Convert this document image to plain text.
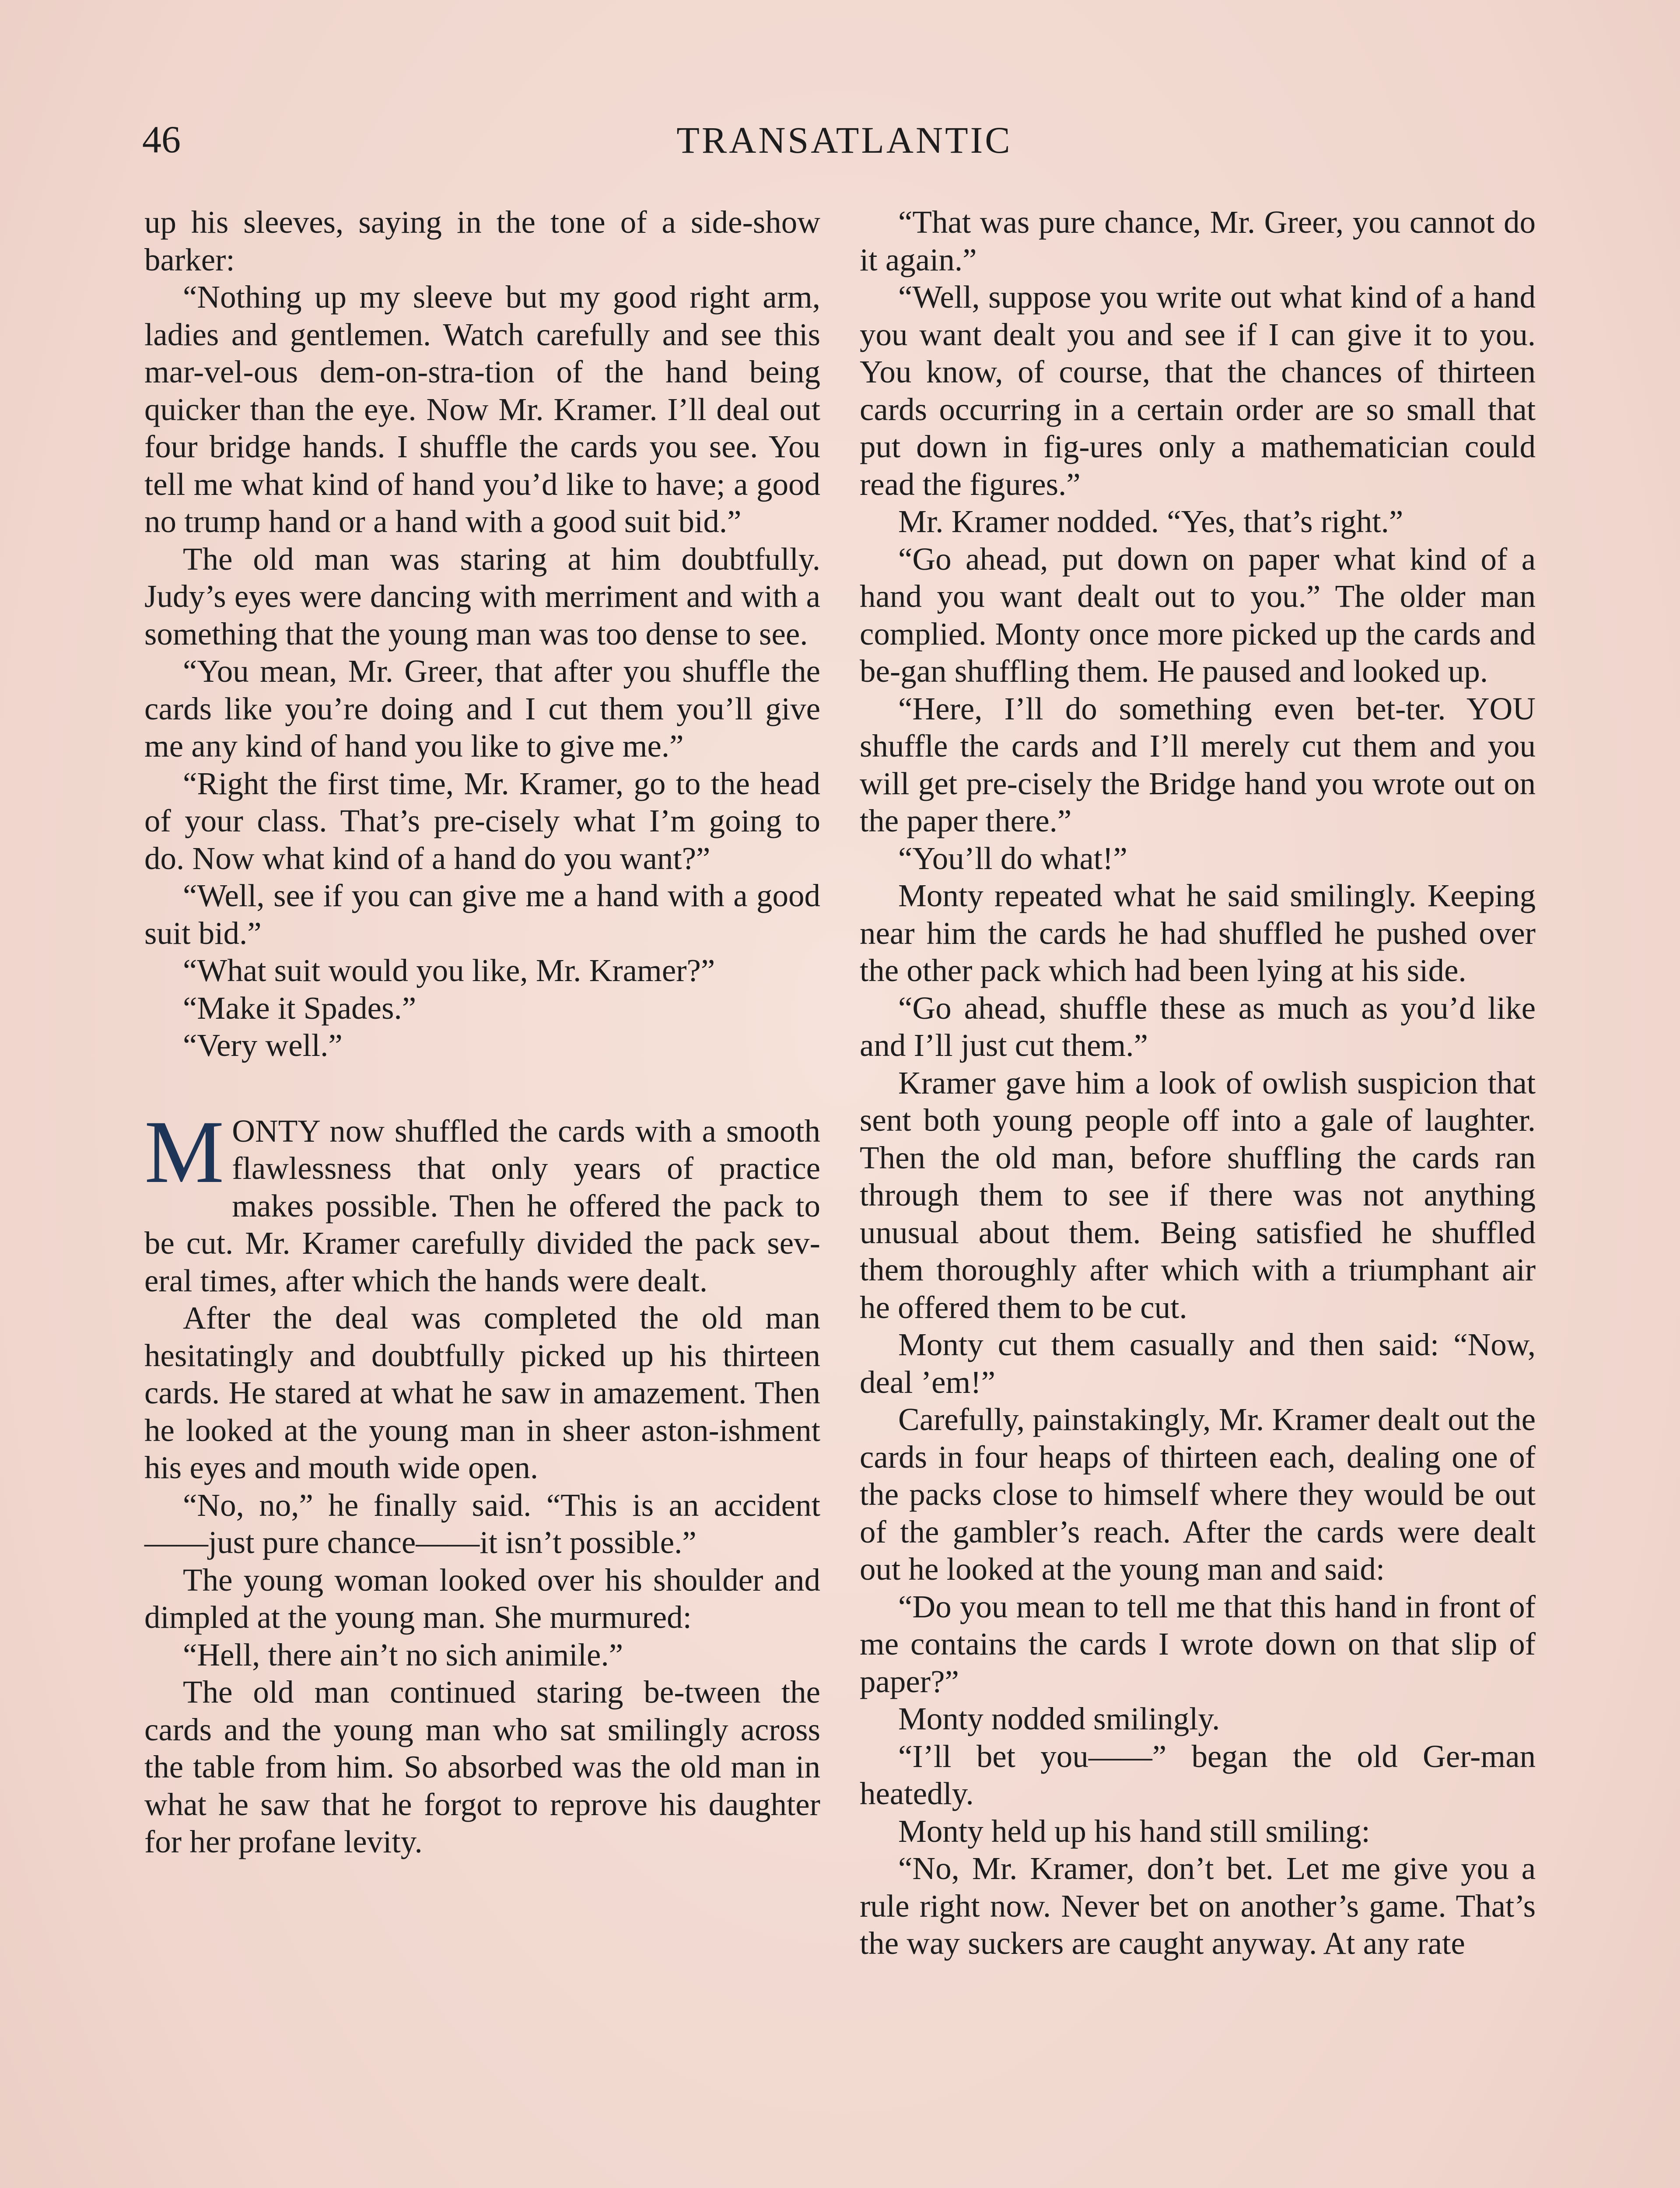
46	TRANSATLANTIC

up his sleeves, saying in the tone of a side-show barker:

“Nothing up my sleeve but my good right arm, ladies and gentlemen. Watch carefully and see this mar-vel-ous dem-on-stra-tion of the hand being quicker than the eye. Now Mr. Kramer. I’ll deal out four bridge hands. I shuffle the cards you see. You tell me what kind of hand you’d like to have; a good no trump hand or a hand with a good suit bid.”

The old man was staring at him doubtfully. Judy’s eyes were dancing with merriment and with a something that the young man was too dense to see.

“You mean, Mr. Greer, that after you shuffle the cards like you’re doing and I cut them you’ll give me any kind of hand you like to give me.”

“Right the first time, Mr. Kramer, go to the head of your class. That’s pre-cisely what I’m going to do. Now what kind of a hand do you want?”

“Well, see if you can give me a hand with a good suit bid.”

“What suit would you like, Mr. Kramer?”

“Make it Spades.”

“Very well.”

MONTY now shuffled the cards with a smooth flawlessness that only years of practice makes possible. Then he offered the pack to be cut. Mr. Kramer carefully divided the pack sev-eral times, after which the hands were dealt.

After the deal was completed the old man hesitatingly and doubtfully picked up his thirteen cards. He stared at what he saw in amazement. Then he looked at the young man in sheer aston-ishment his eyes and mouth wide open.

“No, no,” he finally said. “This is an accident——just pure chance——it isn’t possible.”

The young woman looked over his shoulder and dimpled at the young man. She murmured:

“Hell, there ain’t no sich animile.”

The old man continued staring be-tween the cards and the young man who sat smilingly across the table from him. So absorbed was the old man in what he saw that he forgot to reprove his daughter for her profane levity.

“That was pure chance, Mr. Greer, you cannot do it again.”

“Well, suppose you write out what kind of a hand you want dealt you and see if I can give it to you. You know, of course, that the chances of thirteen cards occurring in a certain order are so small that put down in fig-ures only a mathematician could read the figures.”

Mr. Kramer nodded. “Yes, that’s right.”

“Go ahead, put down on paper what kind of a hand you want dealt out to you.” The older man complied. Monty once more picked up the cards and be-gan shuffling them. He paused and looked up.

“Here, I’ll do something even bet-ter. YOU shuffle the cards and I’ll merely cut them and you will get pre-cisely the Bridge hand you wrote out on the paper there.”

“You’ll do what!”

Monty repeated what he said smilingly. Keeping near him the cards he had shuffled he pushed over the other pack which had been lying at his side.

“Go ahead, shuffle these as much as you’d like and I’ll just cut them.”

Kramer gave him a look of owlish suspicion that sent both young people off into a gale of laughter. Then the old man, before shuffling the cards ran through them to see if there was not anything unusual about them. Being satisfied he shuffled them thoroughly after which with a triumphant air he offered them to be cut.

Monty cut them casually and then said: “Now, deal ’em!”

Carefully, painstakingly, Mr. Kramer dealt out the cards in four heaps of thirteen each, dealing one of the packs close to himself where they would be out of the gambler’s reach. After the cards were dealt out he looked at the young man and said:

“Do you mean to tell me that this hand in front of me contains the cards I wrote down on that slip of paper?”

Monty nodded smilingly.

“I’ll bet you——” began the old Ger-man heatedly.

Monty held up his hand still smiling:

“No, Mr. Kramer, don’t bet. Let me give you a rule right now. Never bet on another’s game. That’s the way suckers are caught anyway. At any rate
